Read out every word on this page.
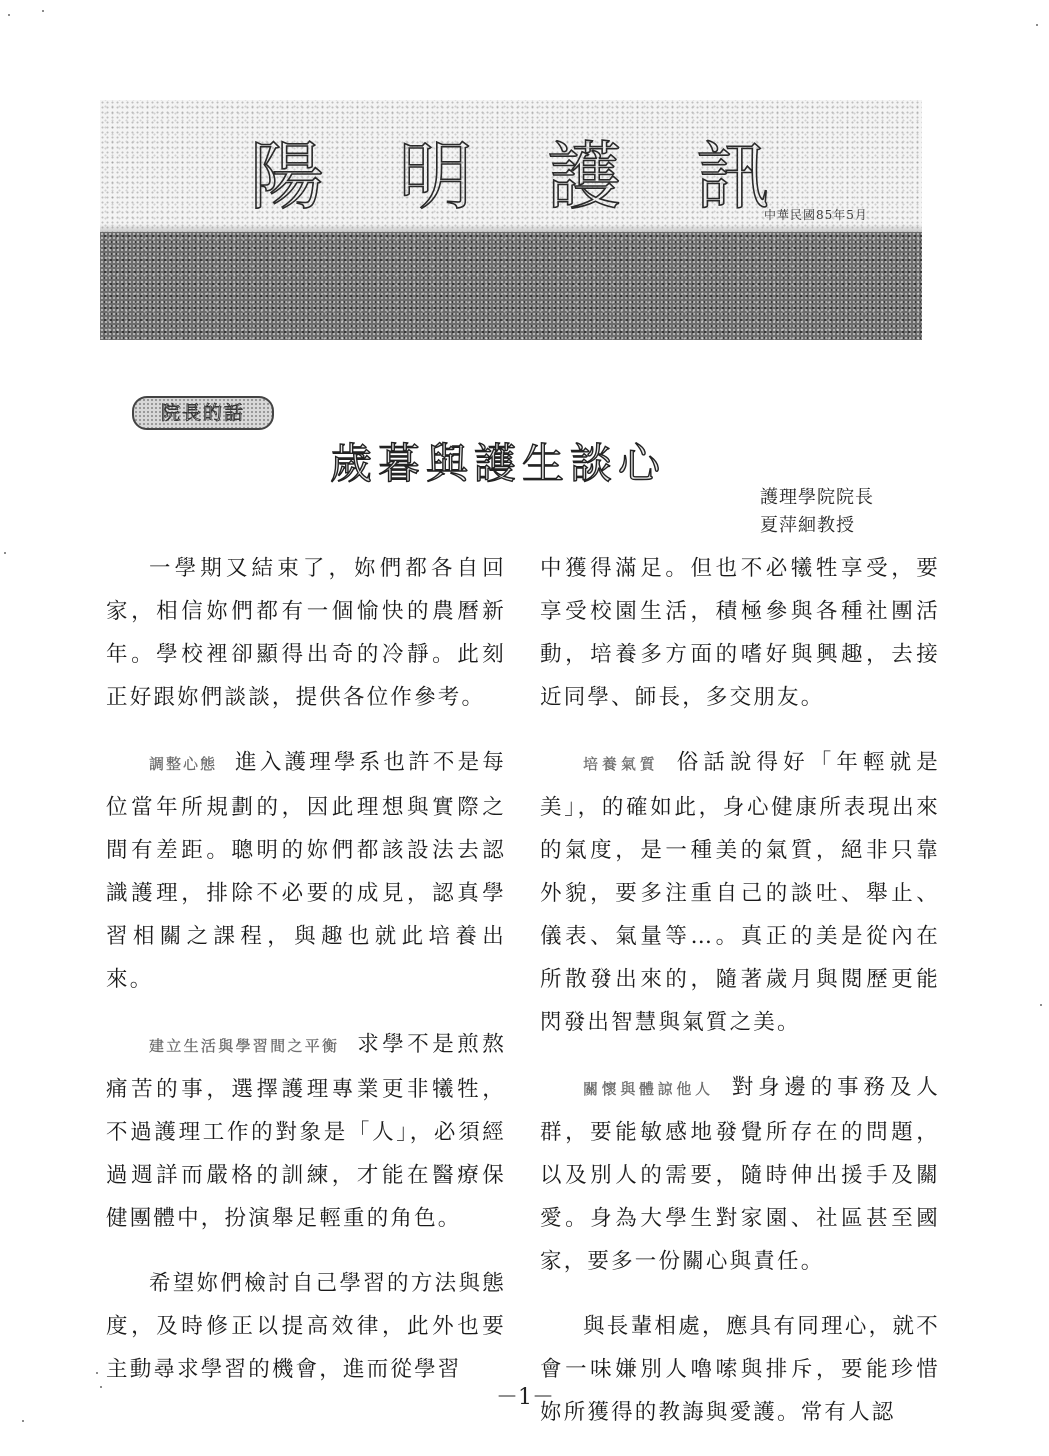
陽 明 護 訊
中華民國85年5月
院長的話
歲暮與護生談心
護理學院院長
夏萍絗教授

一學期又結束了，妳們都各自回家，相信妳們都有一個愉快的農曆新年。學校裡卻顯得出奇的冷靜。此刻正好跟妳們談談，提供各位作參考。

調整心態 進入護理學系也許不是每位當年所規劃的，因此理想與實際之間有差距。聰明的妳們都該設法去認識護理，排除不必要的成見，認真學習相關之課程，與趣也就此培養出來。

建立生活與學習間之平衡 求學不是煎熬痛苦的事，選擇護理專業更非犧牲，不過護理工作的對象是「人」，必須經過週詳而嚴格的訓練，才能在醫療保健團體中，扮演舉足輕重的角色。

希望妳們檢討自己學習的方法與態度，及時修正以提高效律，此外也要主動尋求學習的機會，進而從學習

中獲得滿足。但也不必犧牲享受，要享受校園生活，積極參與各種社團活動，培養多方面的嗜好與興趣，去接近同學、師長，多交朋友。

培養氣質 俗話說得好「年輕就是美」，的確如此，身心健康所表現出來的氣度，是一種美的氣質，絕非只靠外貌，要多注重自己的談吐、舉止、儀表、氣量等…。真正的美是從內在所散發出來的，隨著歲月與閱歷更能閃發出智慧與氣質之美。

關懷與體諒他人 對身邊的事務及人群，要能敏感地發覺所存在的問題，以及別人的需要，隨時伸出援手及關愛。身為大學生對家園、社區甚至國家，要多一份關心與責任。

與長輩相處，應具有同理心，就不會一味嫌別人嚕嗦與排斥，要能珍惜妳所獲得的教誨與愛護。常有人認

－1－
